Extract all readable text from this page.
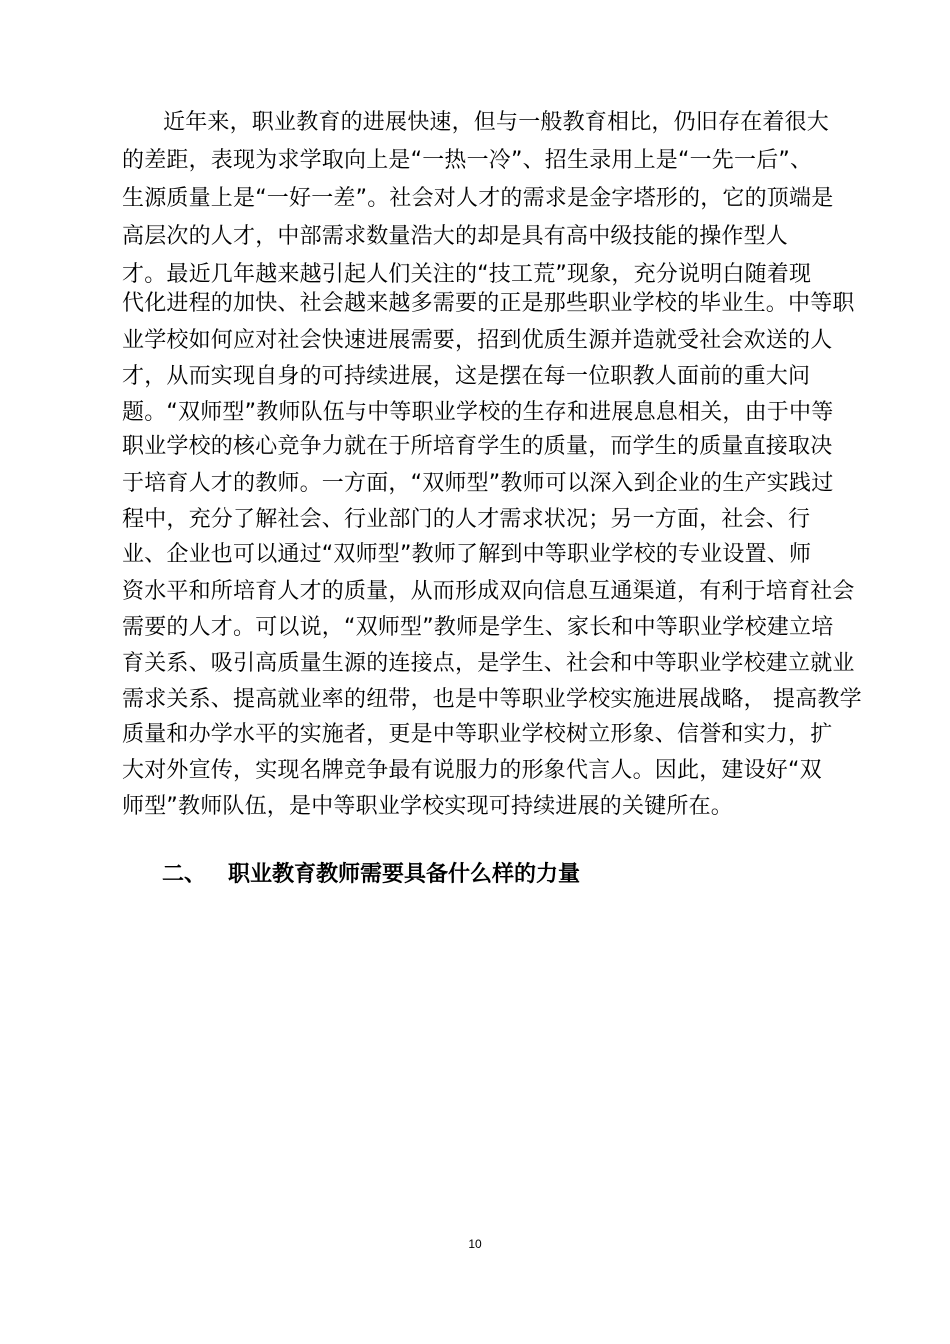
近年来，职业教育的进展快速，但与一般教育相比，仍旧存在着很大
的差距，表现为求学取向上是“一热一冷”、招生录用上是“一先一后”、
生源质量上是“一好一差”。社会对人才的需求是金字塔形的，它的顶端是
高层次的人才，中部需求数量浩大的却是具有高中级技能的操作型人
才。最近几年越来越引起人们关注的“技工荒”现象，充分说明白随着现
代化进程的加快、社会越来越多需要的正是那些职业学校的毕业生。中等职
业学校如何应对社会快速进展需要，招到优质生源并造就受社会欢送的人
才，从而实现自身的可持续进展，这是摆在每一位职教人面前的重大问
题。“双师型”教师队伍与中等职业学校的生存和进展息息相关，由于中等
职业学校的核心竞争力就在于所培育学生的质量，而学生的质量直接取决
于培育人才的教师。一方面，“双师型”教师可以深入到企业的生产实践过
程中，充分了解社会、行业部门的人才需求状况；另一方面，社会、行
业、企业也可以通过“双师型”教师了解到中等职业学校的专业设置、师
资水平和所培育人才的质量，从而形成双向信息互通渠道，有利于培育社会
需要的人才。可以说，“双师型”教师是学生、家长和中等职业学校建立培
育关系、吸引高质量生源的连接点，是学生、社会和中等职业学校建立就业
需求关系、提高就业率的纽带，也是中等职业学校实施进展战略， 提高教学
质量和办学水平的实施者，更是中等职业学校树立形象、信誉和实力，扩
大对外宣传，实现名牌竞争最有说服力的形象代言人。因此，建设好“双
师型”教师队伍，是中等职业学校实现可持续进展的关键所在。
二、 职业教育教师需要具备什么样的力量
10
